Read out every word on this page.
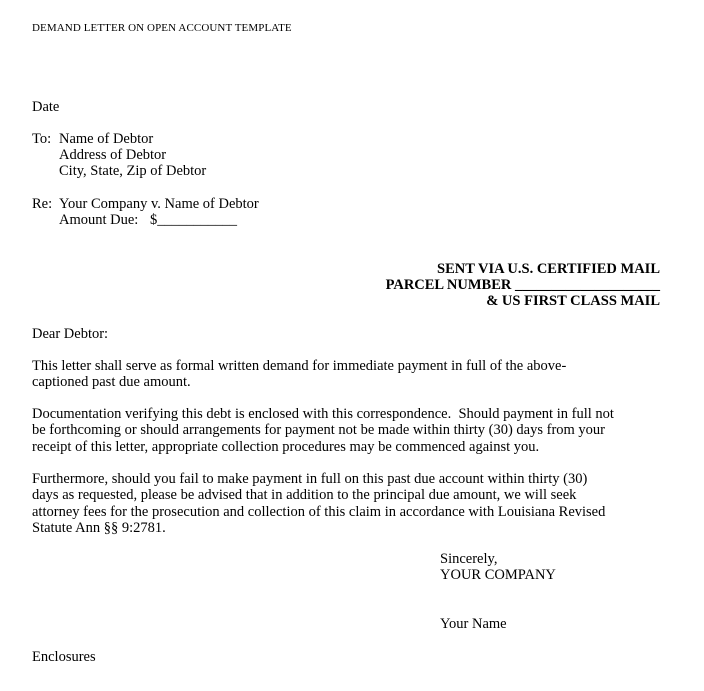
DEMAND LETTER ON OPEN ACCOUNT TEMPLATE
Date
To: Name of Debtor
Address of Debtor
City, State, Zip of Debtor
Re: Your Company v. Name of Debtor
Amount Due: $___________
SENT VIA U.S. CERTIFIED MAIL
PARCEL NUMBER ____________________
& US FIRST CLASS MAIL
Dear Debtor:
This letter shall serve as formal written demand for immediate payment in full of the above-
captioned past due amount.
Documentation verifying this debt is enclosed with this correspondence.  Should payment in full not
be forthcoming or should arrangements for payment not be made within thirty (30) days from your
receipt of this letter, appropriate collection procedures may be commenced against you.
Furthermore, should you fail to make payment in full on this past due account within thirty (30)
days as requested, please be advised that in addition to the principal due amount, we will seek
attorney fees for the prosecution and collection of this claim in accordance with Louisiana Revised
Statute Ann §§ 9:2781.
Sincerely,
YOUR COMPANY
Your Name
Enclosures
